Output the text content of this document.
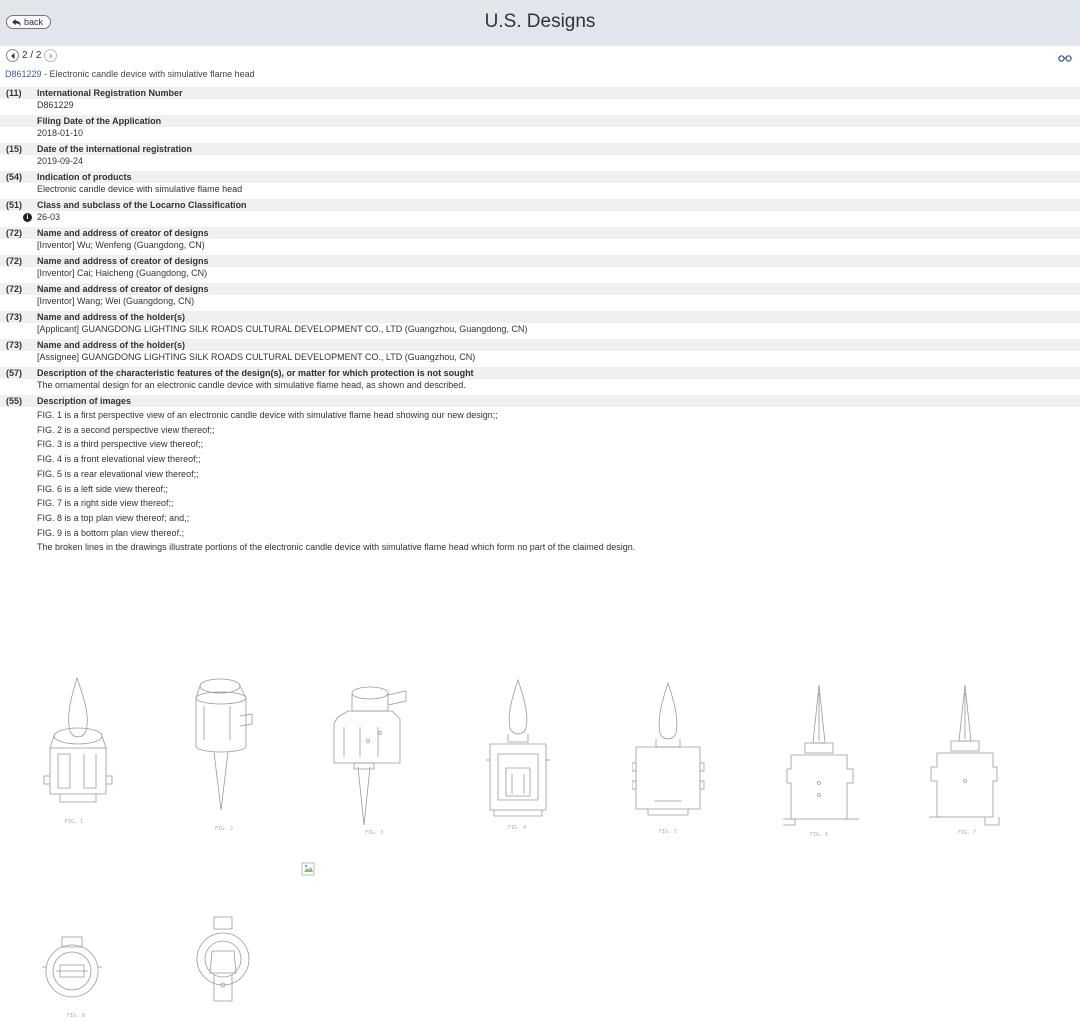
back	U.S. Designs
2 / 2
D861229 - Electronic candle device with simulative flame head
(11)	International Registration Number
D861229
Filing Date of the Application
2018-01-10
(15)	Date of the international registration
2019-09-24
(54)	Indication of products
Electronic candle device with simulative flame head
(51)	Class and subclass of the Locarno Classification
i 26-03
(72)	Name and address of creator of designs
[Inventor] Wu; Wenfeng (Guangdong, CN)
(72)	Name and address of creator of designs
[Inventor] Cai; Haicheng (Guangdong, CN)
(72)	Name and address of creator of designs
[Inventor] Wang; Wei (Guangdong, CN)
(73)	Name and address of the holder(s)
[Applicant] GUANGDONG LIGHTING SILK ROADS CULTURAL DEVELOPMENT CO., LTD (Guangzhou, Guangdong, CN)
(73)	Name and address of the holder(s)
[Assignee] GUANGDONG LIGHTING SILK ROADS CULTURAL DEVELOPMENT CO., LTD (Guangzhou, CN)
(57)	Description of the characteristic features of the design(s), or matter for which protection is not sought
The ornamental design for an electronic candle device with simulative flame head, as shown and described.
(55)	Description of images
FIG. 1 is a first perspective view of an electronic candle device with simulative flame head showing our new design;;
FIG. 2 is a second perspective view thereof;;
FIG. 3 is a third perspective view thereof;;
FIG. 4 is a front elevational view thereof;;
FIG. 5 is a rear elevational view thereof;;
FIG. 6 is a left side view thereof;;
FIG. 7 is a right side view thereof;;
FIG. 8 is a top plan view thereof; and,;
FIG. 9 is a bottom plan view thereof.;
The broken lines in the drawings illustrate portions of the electronic candle device with simulative flame head which form no part of the claimed design.
FIG. 1
FIG. 2
FIG. 3
FIG. 4
FIG. 5	FIG. 6	FIG. 7
FIG. 8
